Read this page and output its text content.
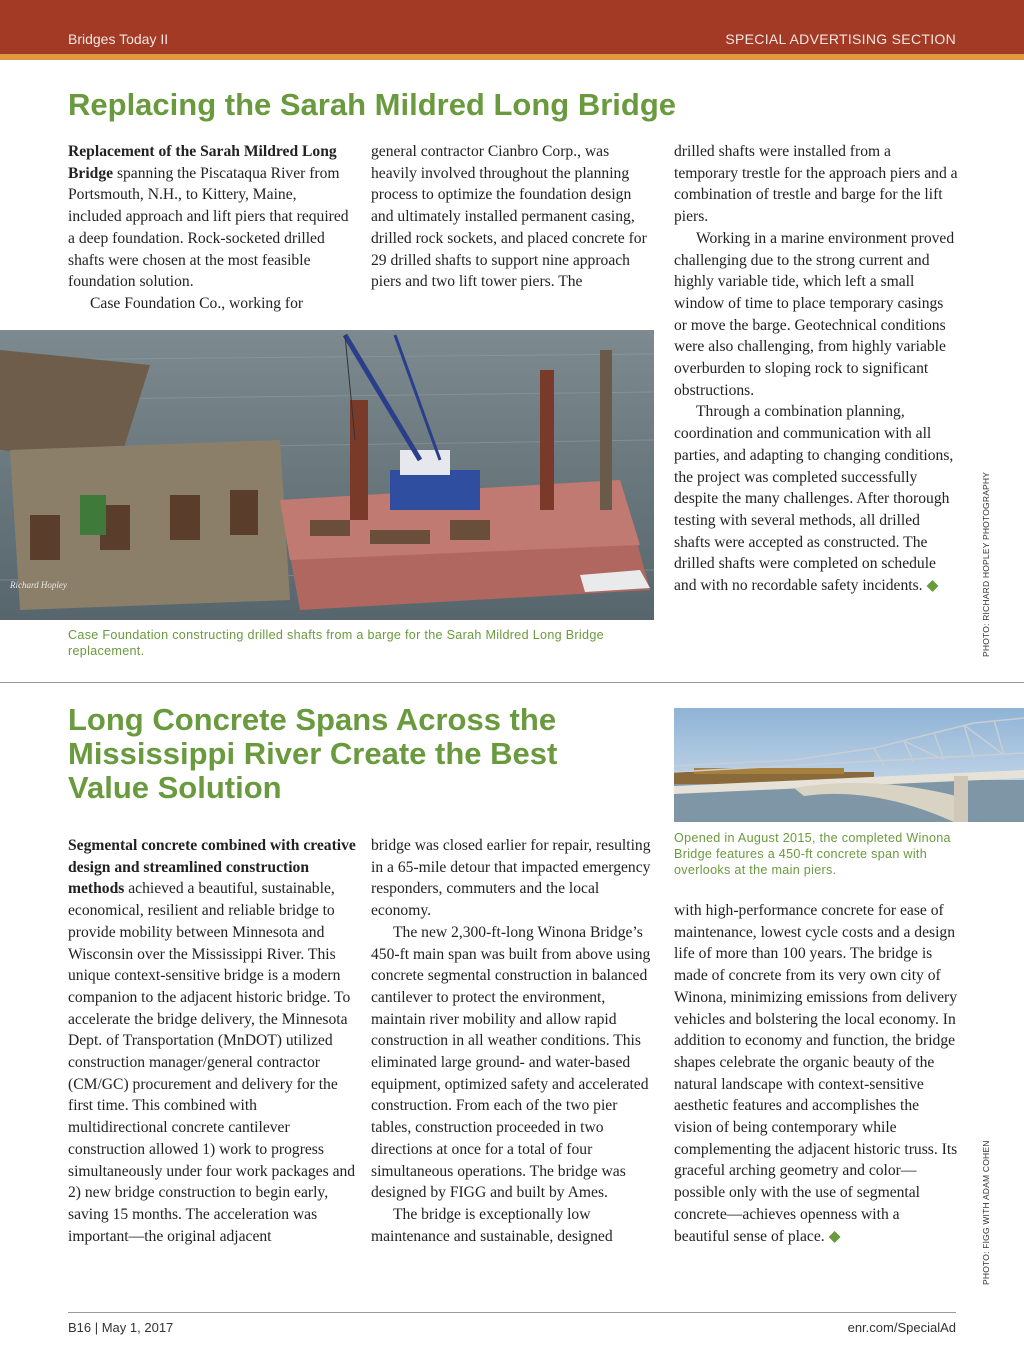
Bridges Today II	SPECIAL ADVERTISING SECTION
Replacing the Sarah Mildred Long Bridge

Replacement of the Sarah Mildred Long Bridge spanning the Piscataqua River from Portsmouth, N.H., to Kittery, Maine, included approach and lift piers that required a deep foundation. Rock-socketed drilled shafts were chosen at the most feasible foundation solution.

Case Foundation Co., working for

general contractor Cianbro Corp., was heavily involved throughout the planning process to optimize the foundation design and ultimately installed permanent casing, drilled rock sockets, and placed concrete for 29 drilled shafts to support nine approach piers and two lift tower piers. The

drilled shafts were installed from a temporary trestle for the approach piers and a combination of trestle and barge for the lift piers.

Working in a marine environment proved challenging due to the strong current and highly variable tide, which left a small window of time to place temporary casings or move the barge. Geotechnical conditions were also challenging, from highly variable overburden to sloping rock to significant obstructions.

Through a combination planning, coordination and communication with all parties, and adapting to changing conditions, the project was completed successfully despite the many challenges. After thorough testing with several methods, all drilled shafts were accepted as constructed. The drilled shafts were completed on schedule and with no recordable safety incidents. ◆

Richard Hopley
Case Foundation constructing drilled shafts from a barge for the Sarah Mildred Long Bridge replacement.	PHOTO: RICHARD HOPLEY PHOTOGRAPHY
Long Concrete Spans Across the Mississippi River Create the Best Value Solution
Opened in August 2015, the completed Winona Bridge features a 450-ft concrete span with overlooks at the main piers.

Segmental concrete combined with creative design and streamlined construction methods achieved a beautiful, sustainable, economical, resilient and reliable bridge to provide mobility between Minnesota and Wisconsin over the Mississippi River. This unique context-sensitive bridge is a modern companion to the adjacent historic bridge. To accelerate the bridge delivery, the Minnesota Dept. of Transportation (MnDOT) utilized construction manager/general contractor (CM/GC) procurement and delivery for the first time. This combined with multidirectional concrete cantilever construction allowed 1) work to progress simultaneously under four work packages and 2) new bridge construction to begin early, saving 15 months. The acceleration was important—the original adjacent

bridge was closed earlier for repair, resulting in a 65-mile detour that impacted emergency responders, commuters and the local economy.

The new 2,300-ft-long Winona Bridge’s 450-ft main span was built from above using concrete segmental construction in balanced cantilever to protect the environment, maintain river mobility and allow rapid construction in all weather conditions. This eliminated large ground- and water-based equipment, optimized safety and accelerated construction. From each of the two pier tables, construction proceeded in two directions at once for a total of four simultaneous operations. The bridge was designed by FIGG and built by Ames.

The bridge is exceptionally low maintenance and sustainable, designed

with high-performance concrete for ease of maintenance, lowest cycle costs and a design life of more than 100 years. The bridge is made of concrete from its very own city of Winona, minimizing emissions from delivery vehicles and bolstering the local economy. In addition to economy and function, the bridge shapes celebrate the organic beauty of the natural landscape with context-sensitive aesthetic features and accomplishes the vision of being contemporary while complementing the adjacent historic truss. Its graceful arching geometry and color—possible only with the use of segmental concrete—achieves openness with a beautiful sense of place. ◆	PHOTO: FIGG WITH ADAM COHEN
B16 | May 1, 2017	enr.com/SpecialAd
